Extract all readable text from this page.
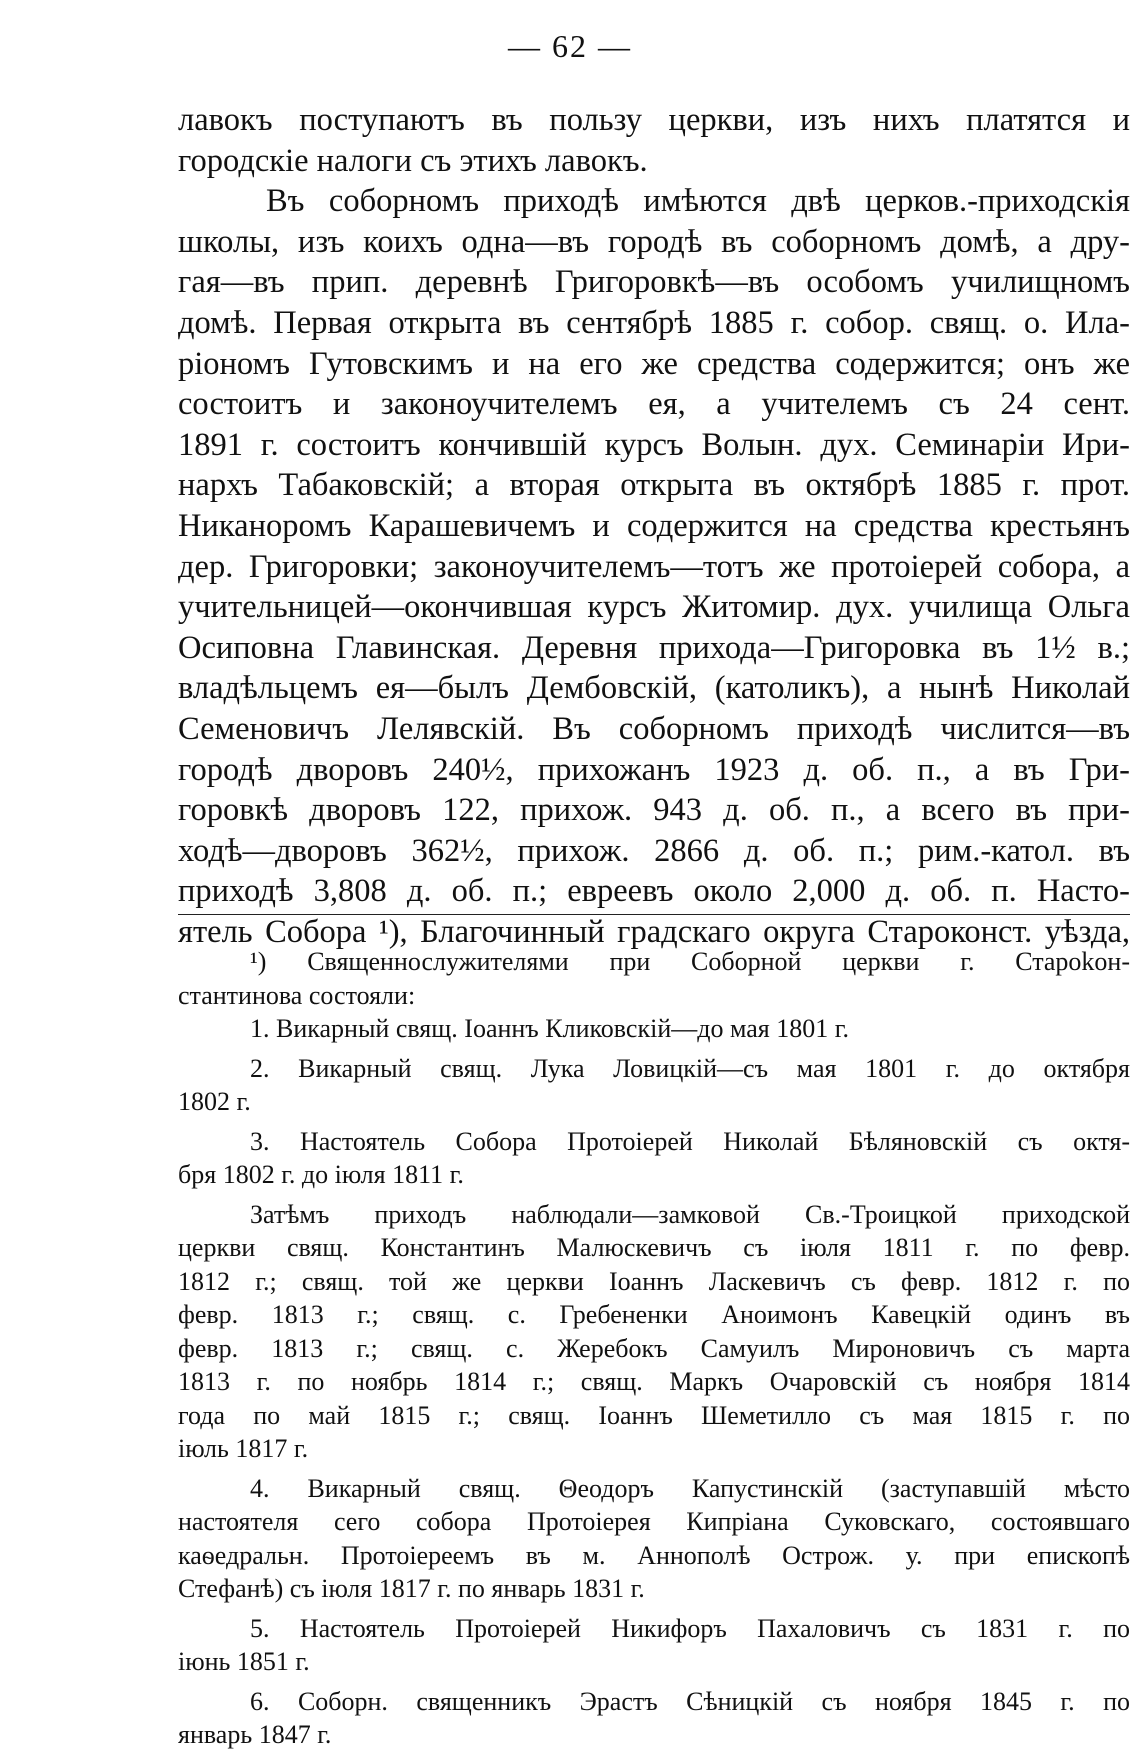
— 62 —
лавокъ поступаютъ въ пользу церкви, изъ нихъ платятся и
городскіе налоги съ этихъ лавокъ.
Въ соборномъ приходѣ имѣются двѣ церков.-приходскія
школы, изъ коихъ одна—въ городѣ въ соборномъ домѣ, а дру-
гая—въ прип. деревнѣ Григоровкѣ—въ особомъ училищномъ
домѣ. Первая открыта въ сентябрѣ 1885 г. собор. свящ. о. Ила-
ріономъ Гутовскимъ и на его же средства содержится; онъ же
состоитъ и законоучителемъ ея, а учителемъ съ 24 сент.
1891 г. состоитъ кончившій курсъ Волын. дух. Семинаріи Ири-
нархъ Табаковскій; а вторая открыта въ октябрѣ 1885 г. прот.
Никаноромъ Карашевичемъ и содержится на средства крестьянъ
дер. Григоровки; законоучителемъ—тотъ же протоіерей собора, а
учительницей—окончившая курсъ Житомир. дух. училища Ольга
Осиповна Главинская. Деревня прихода—Григоровка въ 1½ в.;
владѣльцемъ ея—былъ Дембовскій, (католикъ), а нынѣ Николай
Семеновичъ Лелявскій. Въ соборномъ приходѣ числится—въ
городѣ дворовъ 240½, прихожанъ 1923 д. об. п., а въ Гри-
горовкѣ дворовъ 122, прихож. 943 д. об. п., а всего въ при-
ходѣ—дворовъ 362½, прихож. 2866 д. об. п.; рим.-катол. въ
приходѣ 3,808 д. об. п.; евреевъ около 2,000 д. об. п. Насто-
ятель Собора ¹), Благочинный градскаго округа Староконст. уѣзда,
¹) Священнослужителями при Соборной церкви г. Староkон-
стантинова состояли:
1. Викарный свящ. Іоаннъ Кликовскій—до мая 1801 г.
2. Викарный свящ. Лука Ловицкій—съ мая 1801 г. до октября
1802 г.
3. Настоятель Собора Протоіерей Николай Бѣляновскій съ октя-
бря 1802 г. до іюля 1811 г.
Затѣмъ приходъ наблюдали—замковой Св.-Троицкой приходской
церкви свящ. Константинъ Малюскевичъ съ іюля 1811 г. по февр.
1812 г.; свящ. той же церкви Іоаннъ Ласкевичъ съ февр. 1812 г. по
февр. 1813 г.; свящ. с. Гребененки Аноимонъ Кавецкій одинъ въ
февр. 1813 г.; свящ. с. Жеребокъ Самуилъ Мироновичъ съ марта
1813 г. по ноябрь 1814 г.; свящ. Маркъ Очаровскій съ ноября 1814
года по май 1815 г.; свящ. Іоаннъ Шеметилло съ мая 1815 г. по
іюль 1817 г.
4. Викарный свящ. Θеодоръ Капустинскій (заступавшій мѣсто
настоятеля сего собора Протоіерея Кипріана Суковскаго, состоявшаго
каѳедральн. Протоіереемъ въ м. Аннополѣ Острож. у. при епископѣ
Стефанѣ) съ іюля 1817 г. по январь 1831 г.
5. Настоятель Протоіерей Никифоръ Пахаловичъ съ 1831 г. по
іюнь 1851 г.
6. Соборн. священникъ Эрастъ Сѣницкій съ ноября 1845 г. по
январь 1847 г.
